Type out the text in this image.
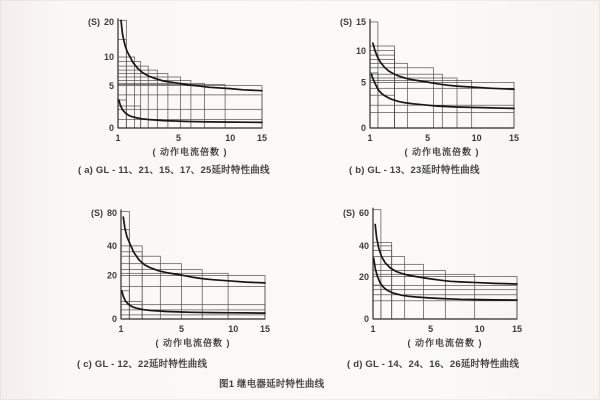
0
5
10
20
(S)
1	5	10 15
( 动作电流倍数 )
0
5
10
15
(S)
1	5	10	15
( 动作电流倍数 )
0
20
40
80
(S)
1	5	10 15
( 动作电流倍数 )
0
20
40
60
(S)
1	5	10	15
( 动作电流倍数 )
( a) GL - 11、21、15、17、25延时特性曲线	( b) GL - 13、23延时特性曲线
( c) GL - 12、22延时特性曲线	( d) GL - 14、24、16、26延时特性曲线
图1 继电器延时特性曲线
